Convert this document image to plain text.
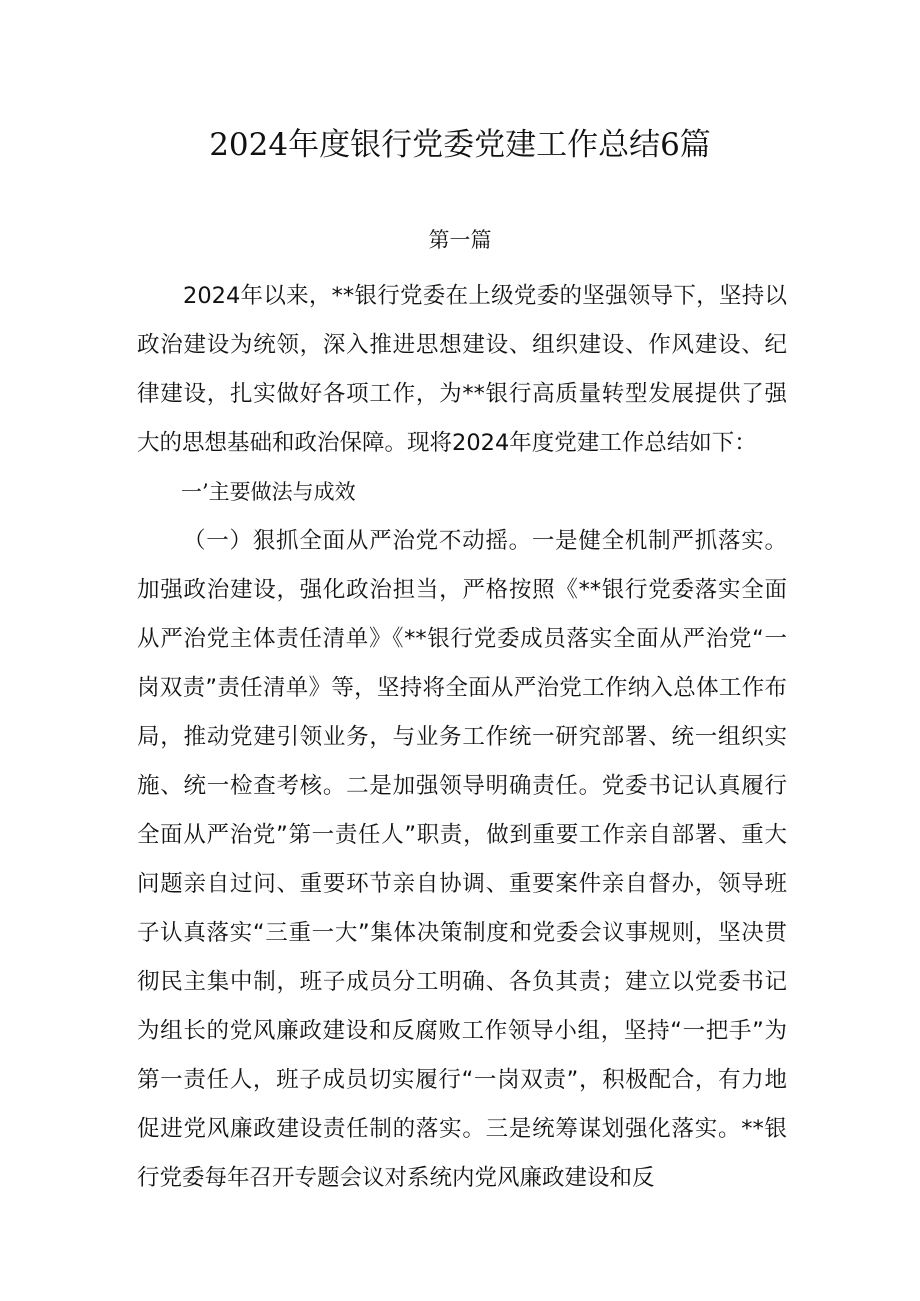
2024年度银行党委党建工作总结6篇
第一篇

2024年以来，**银行党委在上级党委的坚强领导下，坚持以政治建设为统领，深入推进思想建设、组织建设、作风建设、纪律建设，扎实做好各项工作，为**银行高质量转型发展提供了强大的思想基础和政治保障。现将2024年度党建工作总结如下：

一’主要做法与成效

（一）狠抓全面从严治党不动摇。一是健全机制严抓落实。加强政治建设，强化政治担当，严格按照《**银行党委落实全面从严治党主体责任清单》《**银行党委成员落实全面从严治党“一岗双责”责任清单》等，坚持将全面从严治党工作纳入总体工作布局，推动党建引领业务，与业务工作统一研究部署、统一组织实施、统一检查考核。二是加强领导明确责任。党委书记认真履行全面从严治党”第一责任人”职责，做到重要工作亲自部署、重大问题亲自过问、重要环节亲自协调、重要案件亲自督办，领导班子认真落实“三重一大”集体决策制度和党委会议事规则，坚决贯彻民主集中制，班子成员分工明确、各负其责；建立以党委书记为组长的党风廉政建设和反腐败工作领导小组，坚持“一把手”为第一责任人，班子成员切实履行“一岗双责”，积极配合，有力地促进党风廉政建设责任制的落实。三是统筹谋划强化落实。**银行党委每年召开专题会议对系统内党风廉政建设和反
